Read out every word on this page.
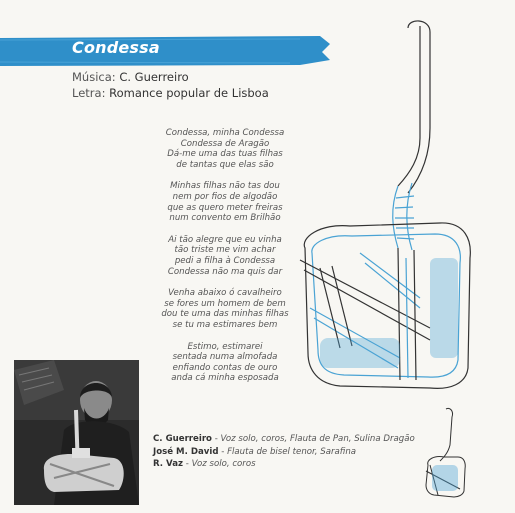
Condessa
Música: C. Guerreiro
Letra: Romance popular de Lisboa
Condessa, minha Condessa
Condessa de Aragão
Dá-me uma das tuas filhas
de tantas que elas são
Minhas filhas não tas dou
nem por fios de algodão
que as quero meter freiras
num convento em Brilhão
Ai tão alegre que eu vinha
tão triste me vim achar
pedi a filha à Condessa
Condessa não ma quis dar
Venha abaixo ó cavalheiro
se fores um homem de bem
dou te uma das minhas filhas
se tu ma estimares bem
Estimo, estimarei
sentada numa almofada
enfiando contas de ouro
anda cá minha esposada
C. Guerreiro - Voz solo, coros, Flauta de Pan, Sulina Dragão
José M. David - Flauta de bisel tenor, Sarafina
R. Vaz - Voz solo, coros
